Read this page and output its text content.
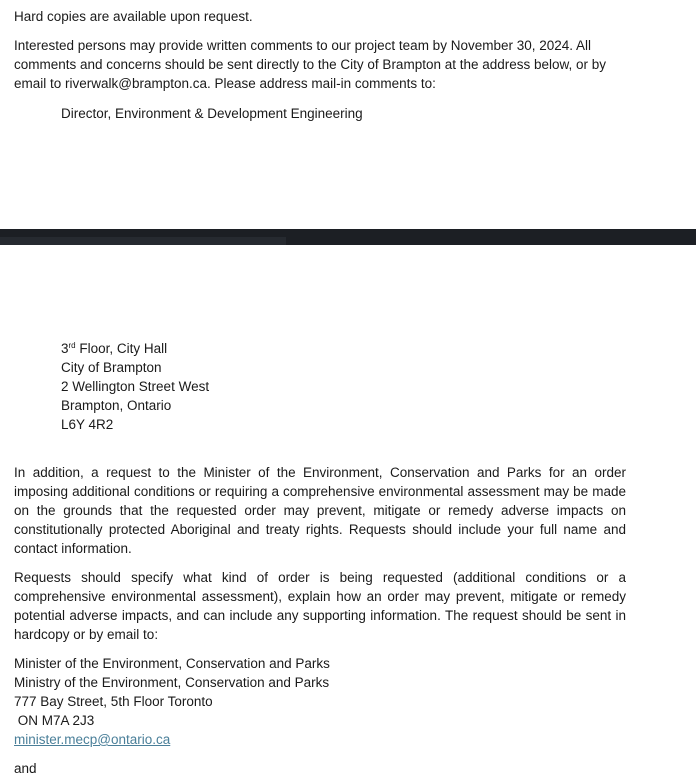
Hard copies are available upon request.

Interested persons may provide written comments to our project team by November 30, 2024. All comments and concerns should be sent directly to the City of Brampton at the address below, or by email to riverwalk@brampton.ca. Please address mail-in comments to:

Director, Environment & Development Engineering

3rd Floor, City Hall
City of Brampton
2 Wellington Street West
Brampton, Ontario
L6Y 4R2

In addition, a request to the Minister of the Environment, Conservation and Parks for an order imposing additional conditions or requiring a comprehensive environmental assessment may be made on the grounds that the requested order may prevent, mitigate or remedy adverse impacts on constitutionally protected Aboriginal and treaty rights. Requests should include your full name and contact information.

Requests should specify what kind of order is being requested (additional conditions or a comprehensive environmental assessment), explain how an order may prevent, mitigate or remedy potential adverse impacts, and can include any supporting information. The request should be sent in hardcopy or by email to:

Minister of the Environment, Conservation and Parks
Ministry of the Environment, Conservation and Parks
777 Bay Street, 5th Floor Toronto
ON M7A 2J3
minister.mecp@ontario.ca

and
